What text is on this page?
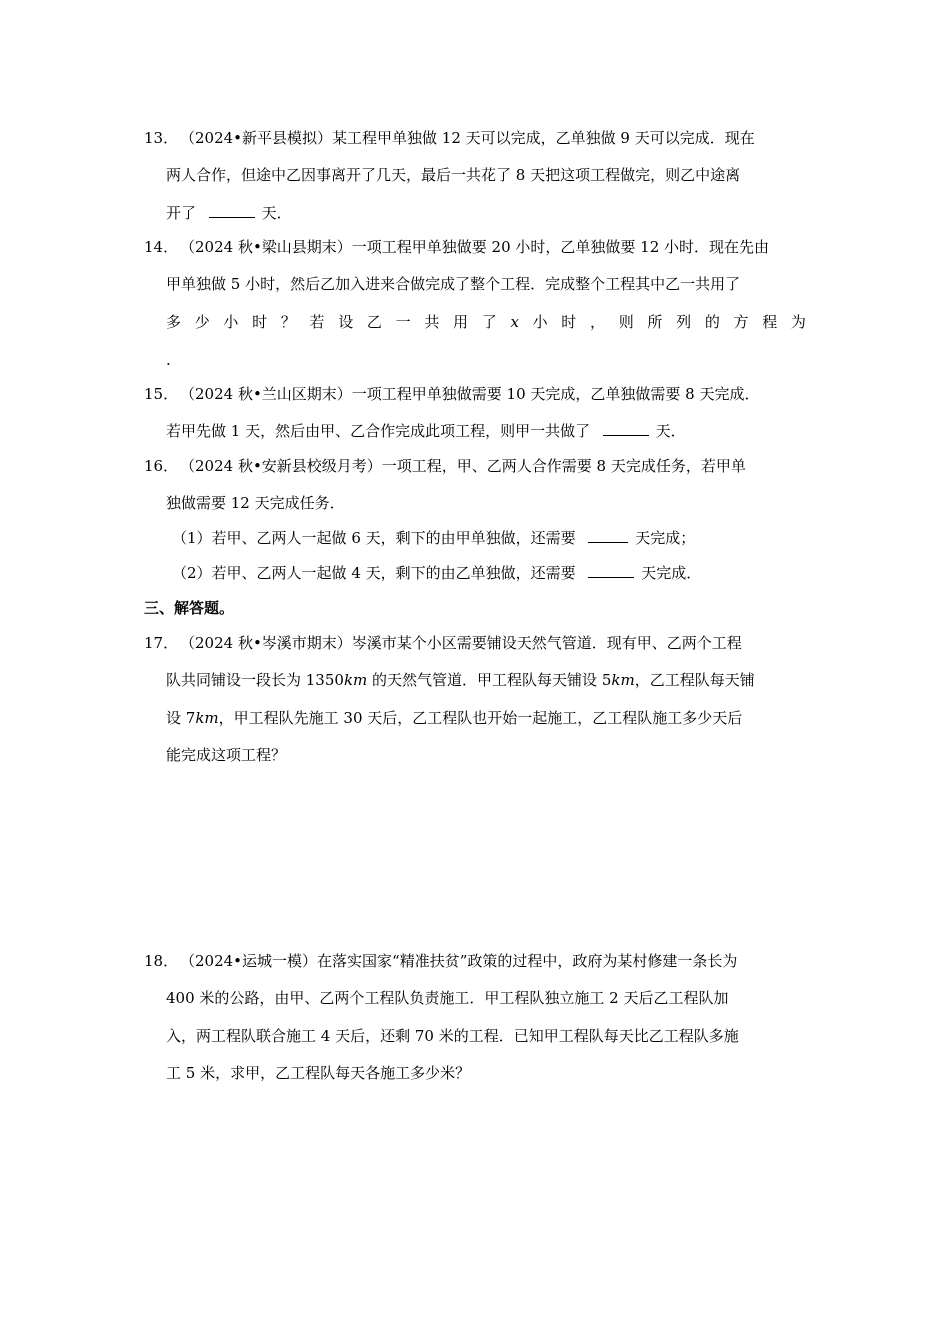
13． （2024•新平县模拟）某工程甲单独做 12 天可以完成，乙单独做 9 天可以完成．现在
两人合作，但途中乙因事离开了几天，最后一共花了 8 天把这项工程做完，则乙中途离
开了	天．
14． （2024 秋•梁山县期末）一项工程甲单独做要 20 小时，乙单独做要 12 小时．现在先由
甲单独做 5 小时，然后乙加入进来合做完成了整个工程．完成整个工程其中乙一共用了
多 少 小 时 ？ 若 设 乙 一 共 用 了 x 小 时 ， 则 所 列 的 方 程 为
.
15． （2024 秋•兰山区期末）一项工程甲单独做需要 10 天完成，乙单独做需要 8 天完成．
若甲先做 1 天，然后由甲、乙合作完成此项工程，则甲一共做了	天．
16． （2024 秋•安新县校级月考）一项工程，甲、乙两人合作需要 8 天完成任务，若甲单
独做需要 12 天完成任务．
（1）若甲、乙两人一起做 6 天，剩下的由甲单独做，还需要	天完成；
（2）若甲、乙两人一起做 4 天，剩下的由乙单独做，还需要	天完成．
三、解答题。
17． （2024 秋•岑溪市期末）岑溪市某个小区需要铺设天然气管道．现有甲、乙两个工程
队共同铺设一段长为 1350km 的天然气管道．甲工程队每天铺设 5km，乙工程队每天铺
设 7km，甲工程队先施工 30 天后，乙工程队也开始一起施工，乙工程队施工多少天后
能完成这项工程？
18． （2024•运城一模）在落实国家“精准扶贫”政策的过程中，政府为某村修建一条长为
400 米的公路，由甲、乙两个工程队负责施工．甲工程队独立施工 2 天后乙工程队加
入，两工程队联合施工 4 天后，还剩 70 米的工程．已知甲工程队每天比乙工程队多施
工 5 米，求甲，乙工程队每天各施工多少米？
